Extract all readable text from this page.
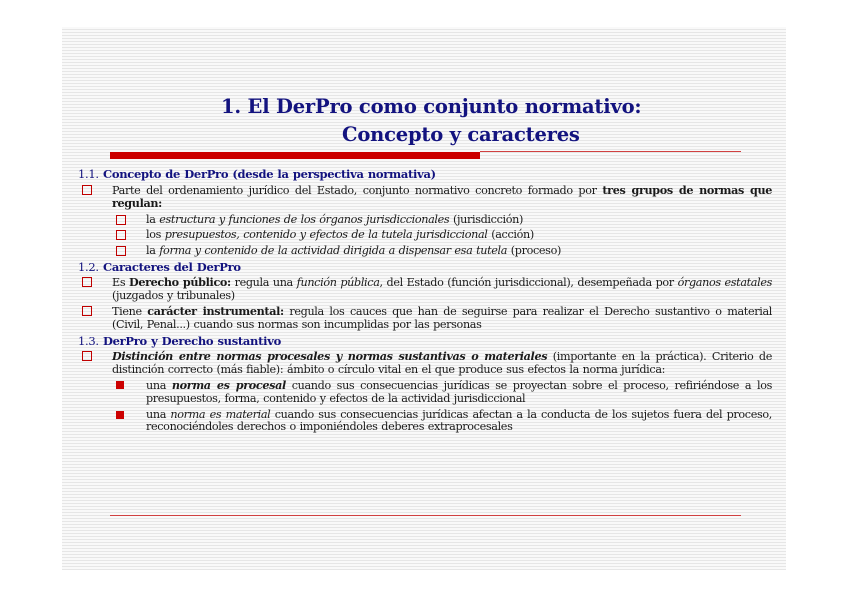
1. El DerPro como conjunto normativo:
Concepto y caracteres
1.1. Concepto de DerPro (desde la perspectiva normativa)
Parte del ordenamiento jurídico del Estado, conjunto normativo concreto formado por tres grupos de normas que regulan:
la estructura y funciones de los órganos jurisdiccionales (jurisdicción)
los presupuestos, contenido y efectos de la tutela jurisdiccional (acción)
la forma y contenido de la actividad dirigida a dispensar esa tutela (proceso)
1.2. Caracteres del DerPro
Es Derecho público: regula una función pública, del Estado (función jurisdiccional), desempeñada por órganos estatales (juzgados y tribunales)
Tiene carácter instrumental: regula los cauces que han de seguirse para realizar el Derecho sustantivo o material (Civil, Penal...) cuando sus normas son incumplidas por las personas
1.3. DerPro y Derecho sustantivo
Distinción entre normas procesales y normas sustantivas o materiales (importante en la práctica). Criterio de distinción correcto (más fiable): ámbito o círculo vital en el que produce sus efectos la norma jurídica:
una norma es procesal cuando sus consecuencias jurídicas se proyectan sobre el proceso, refiriéndose a los presupuestos, forma, contenido y efectos de la actividad jurisdiccional
una norma es material cuando sus consecuencias jurídicas afectan a la conducta de los sujetos fuera del proceso, reconociéndoles derechos o imponiéndoles deberes extraprocesales
